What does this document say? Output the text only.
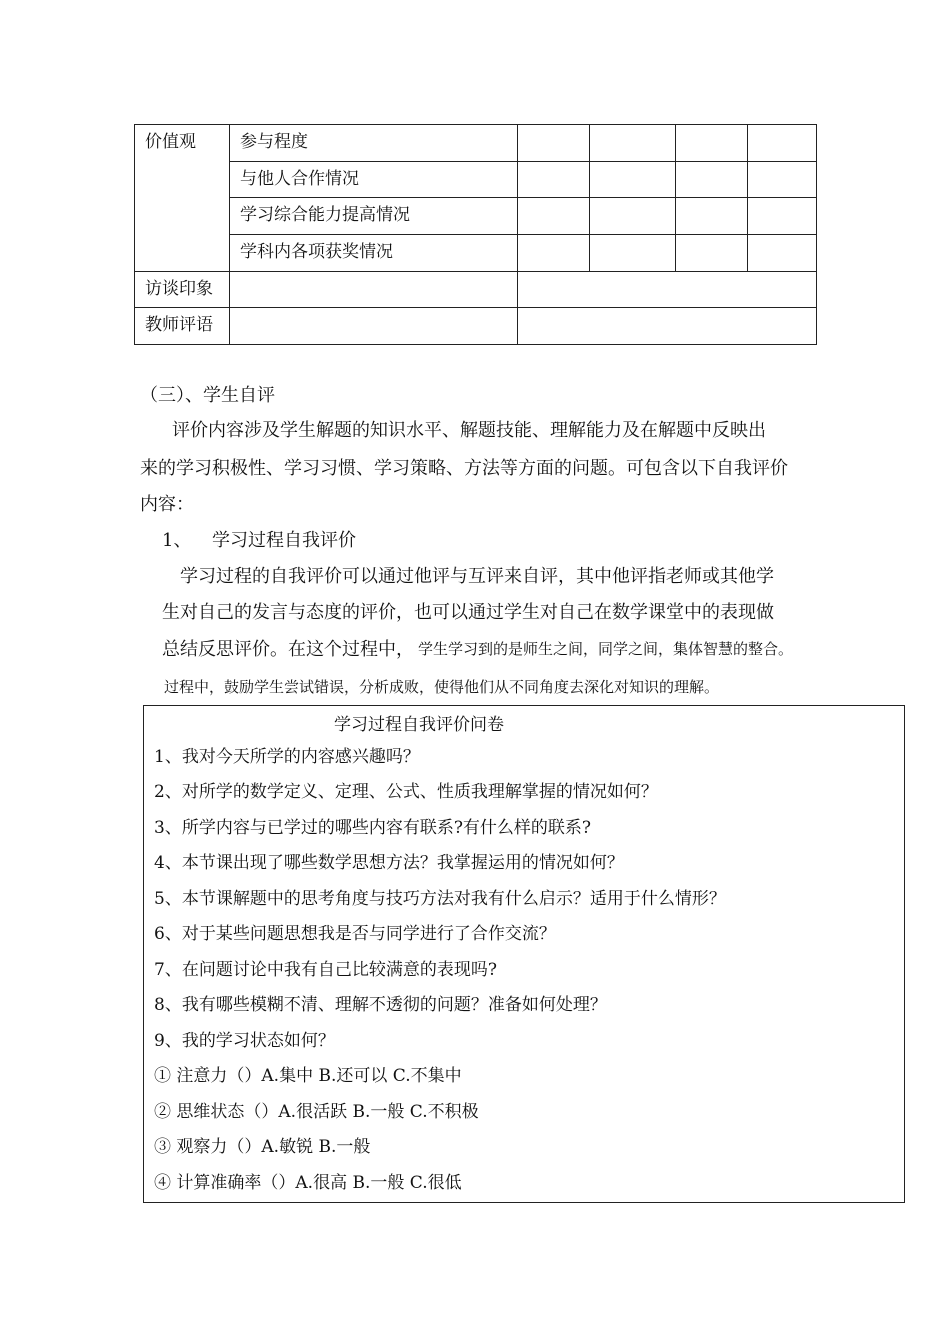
价值观	参与程度				
	与他人合作情况				
	学习综合能力提高情况				
	学科内各项获奖情况				
访谈印象					
教师评语					
（三）、学生自评
评价内容涉及学生解题的知识水平、解题技能、理解能力及在解题中反映出
来的学习积极性、学习习惯、学习策略、方法等方面的问题。可包含以下自我评价
内容：
1、 学习过程自我评价
学习过程的自我评价可以通过他评与互评来自评，其中他评指老师或其他学
生对自己的发言与态度的评价，也可以通过学生对自己在数学课堂中的表现做
总结反思评价。在这个过程中， 学生学习到的是师生之间，同学之间，集体智慧的整合。
过程中，鼓励学生尝试错误，分析成败，使得他们从不同角度去深化对知识的理解。
学习过程自我评价问卷
1、我对今天所学的内容感兴趣吗？
2、对所学的数学定义、定理、公式、性质我理解掌握的情况如何？
3、所学内容与已学过的哪些内容有联系?有什么样的联系?
4、本节课出现了哪些数学思想方法？我掌握运用的情况如何？
5、本节课解题中的思考角度与技巧方法对我有什么启示？适用于什么情形？
6、对于某些问题思想我是否与同学进行了合作交流？
7、在问题讨论中我有自己比较满意的表现吗?
8、我有哪些模糊不清、理解不透彻的问题？准备如何处理？
9、我的学习状态如何？
① 注意力（）A.集中 B.还可以 C.不集中
② 思维状态（）A.很活跃 B.一般 C.不积极
③ 观察力（）A.敏锐 B.一般
④ 计算准确率（）A.很高 B.一般 C.很低
